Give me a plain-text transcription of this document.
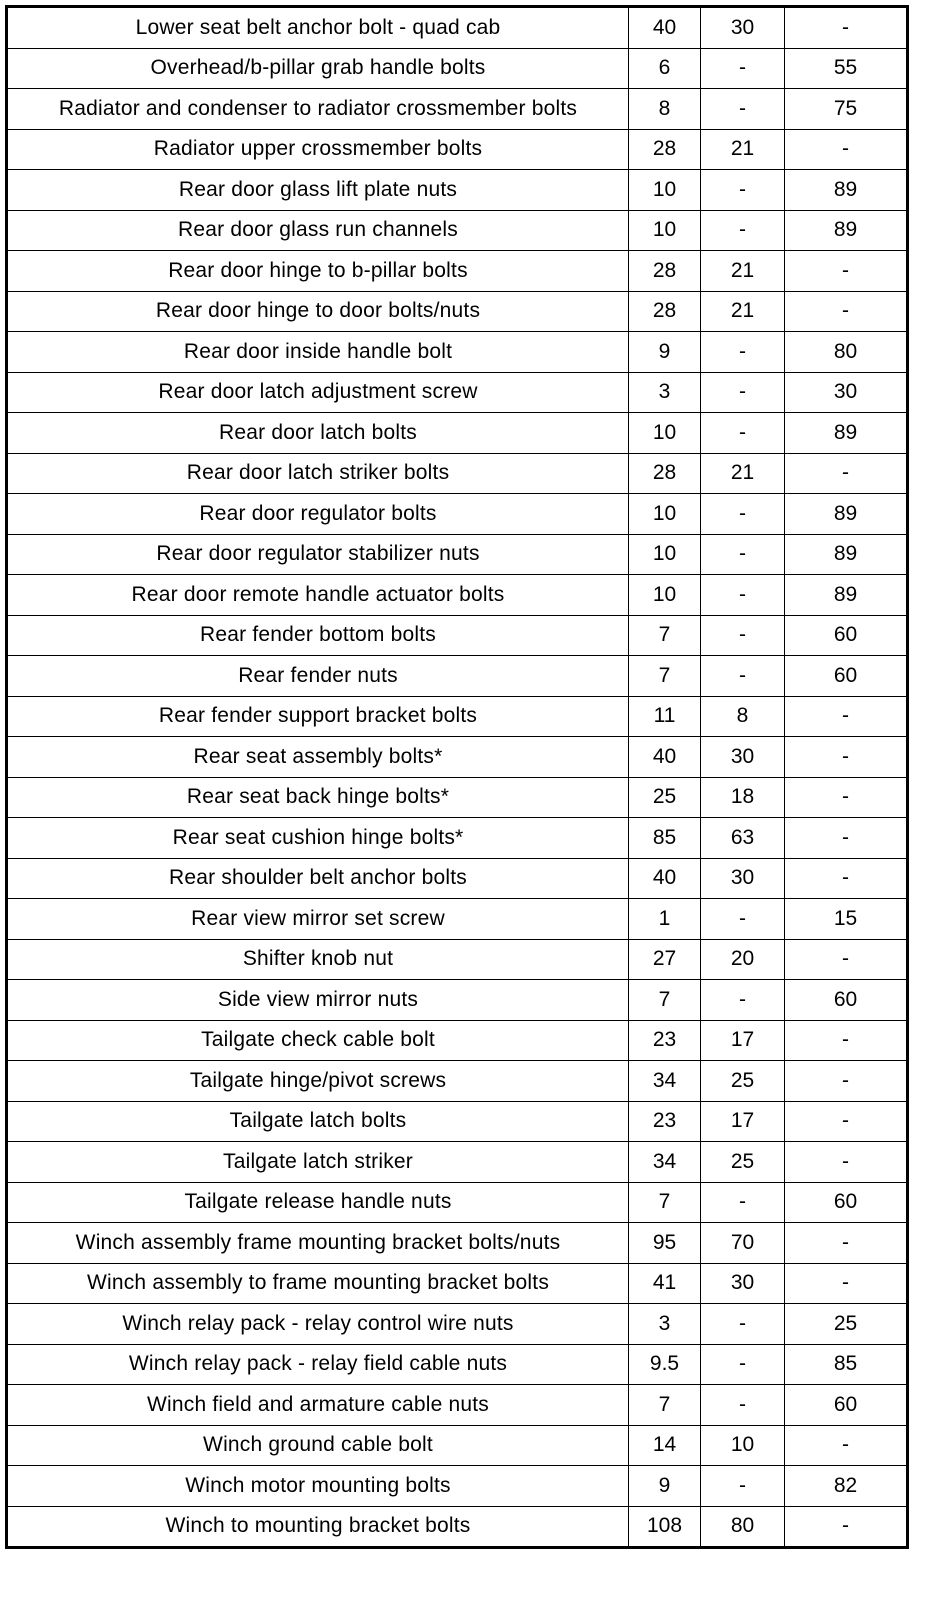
Lower seat belt anchor bolt - quad cab	40	30	-
Overhead/b-pillar grab handle bolts	6	-	55
Radiator and condenser to radiator crossmember bolts	8	-	75
Radiator upper crossmember bolts	28	21	-
Rear door glass lift plate nuts	10	-	89
Rear door glass run channels	10	-	89
Rear door hinge to b-pillar bolts	28	21	-
Rear door hinge to door bolts/nuts	28	21	-
Rear door inside handle bolt	9	-	80
Rear door latch adjustment screw	3	-	30
Rear door latch bolts	10	-	89
Rear door latch striker bolts	28	21	-
Rear door regulator bolts	10	-	89
Rear door regulator stabilizer nuts	10	-	89
Rear door remote handle actuator bolts	10	-	89
Rear fender bottom bolts	7	-	60
Rear fender nuts	7	-	60
Rear fender support bracket bolts	11	8	-
Rear seat assembly bolts*	40	30	-
Rear seat back hinge bolts*	25	18	-
Rear seat cushion hinge bolts*	85	63	-
Rear shoulder belt anchor bolts	40	30	-
Rear view mirror set screw	1	-	15
Shifter knob nut	27	20	-
Side view mirror nuts	7	-	60
Tailgate check cable bolt	23	17	-
Tailgate hinge/pivot screws	34	25	-
Tailgate latch bolts	23	17	-
Tailgate latch striker	34	25	-
Tailgate release handle nuts	7	-	60
Winch assembly frame mounting bracket bolts/nuts	95	70	-
Winch assembly to frame mounting bracket bolts	41	30	-
Winch relay pack - relay control wire nuts	3	-	25
Winch relay pack - relay field cable nuts	9.5	-	85
Winch field and armature cable nuts	7	-	60
Winch ground cable bolt	14	10	-
Winch motor mounting bolts	9	-	82
Winch to mounting bracket bolts	108	80	-
